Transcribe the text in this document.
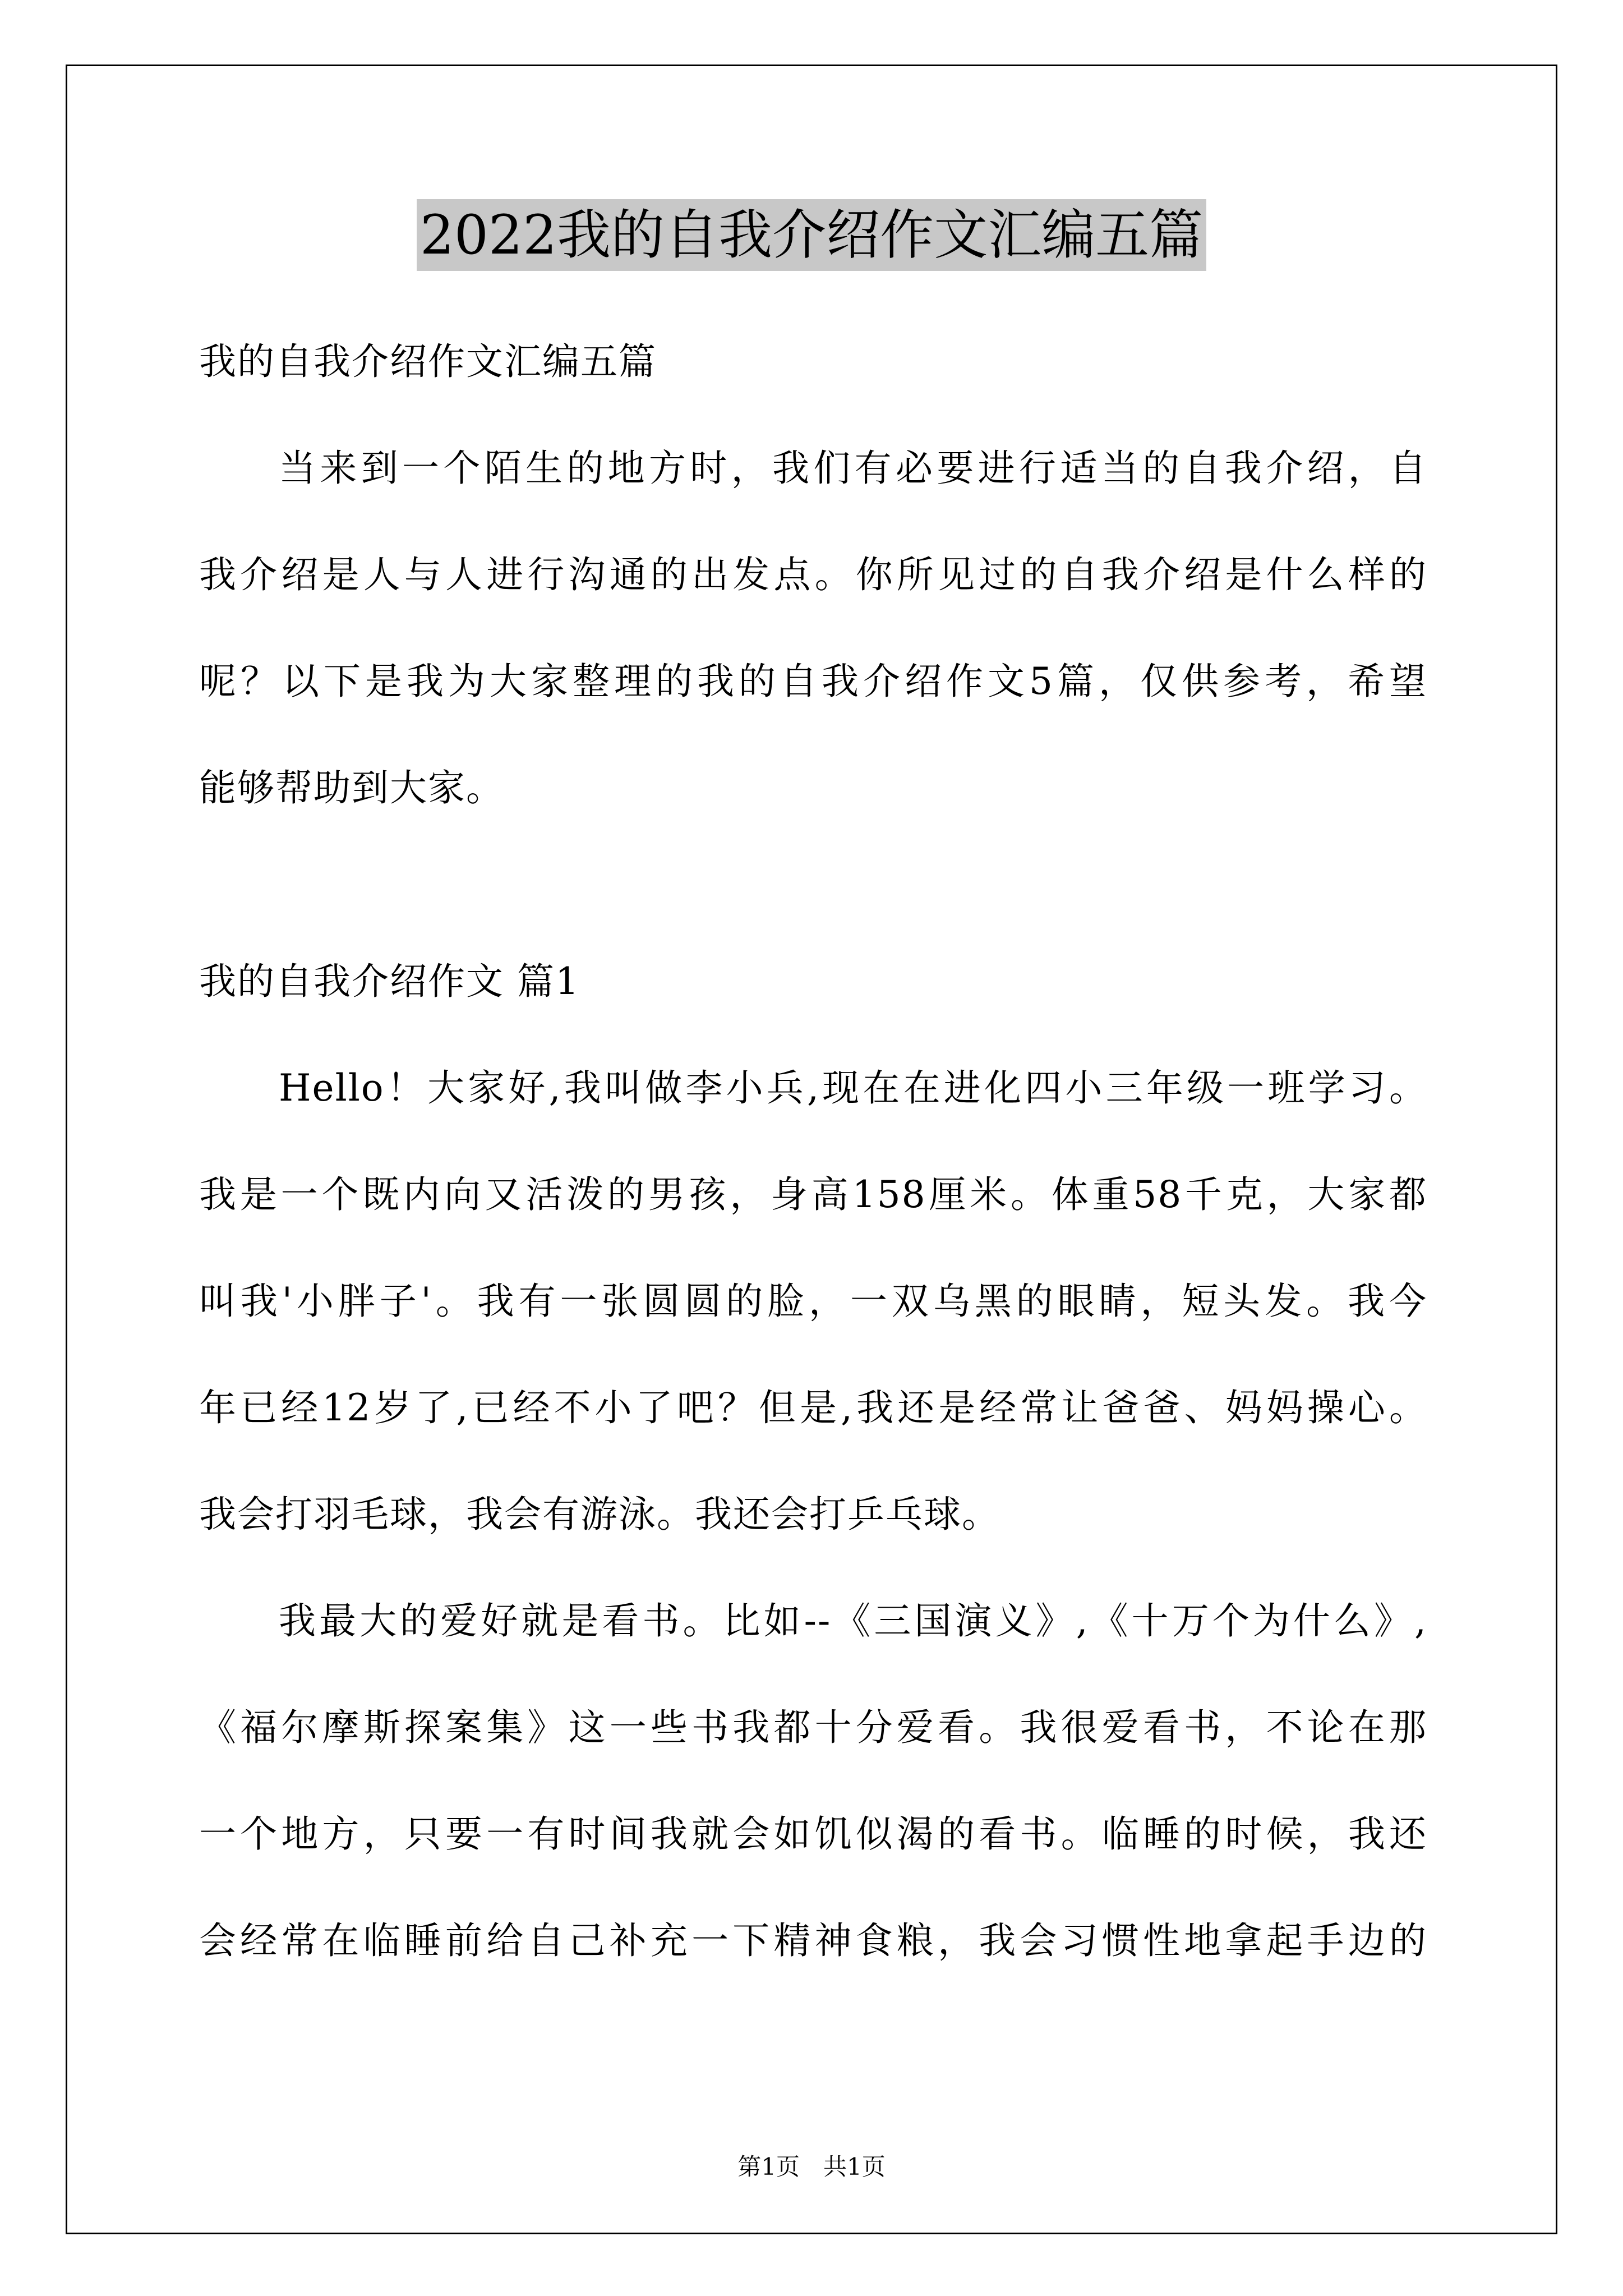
2022我的自我介绍作文汇编五篇
我的自我介绍作文汇编五篇
当来到一个陌生的地方时，我们有必要进行适当的自我介绍，自
我介绍是人与人进行沟通的出发点。你所见过的自我介绍是什么样的
呢？以下是我为大家整理的我的自我介绍作文5篇，仅供参考，希望
能够帮助到大家。
我的自我介绍作文 篇1
Hello！大家好,我叫做李小兵,现在在进化四小三年级一班学习。
我是一个既内向又活泼的男孩，身高158厘米。体重58千克，大家都
叫我'小胖子'。我有一张圆圆的脸，一双乌黑的眼睛，短头发。我今
年已经12岁了,已经不小了吧？但是,我还是经常让爸爸、妈妈操心。
我会打羽毛球，我会有游泳。我还会打乒乓球。
我最大的爱好就是看书。比如--《三国演义》,《十万个为什么》,
《福尔摩斯探案集》这一些书我都十分爱看。我很爱看书，不论在那
一个地方，只要一有时间我就会如饥似渴的看书。临睡的时候，我还
会经常在临睡前给自己补充一下精神食粮，我会习惯性地拿起手边的
第1页　共1页
